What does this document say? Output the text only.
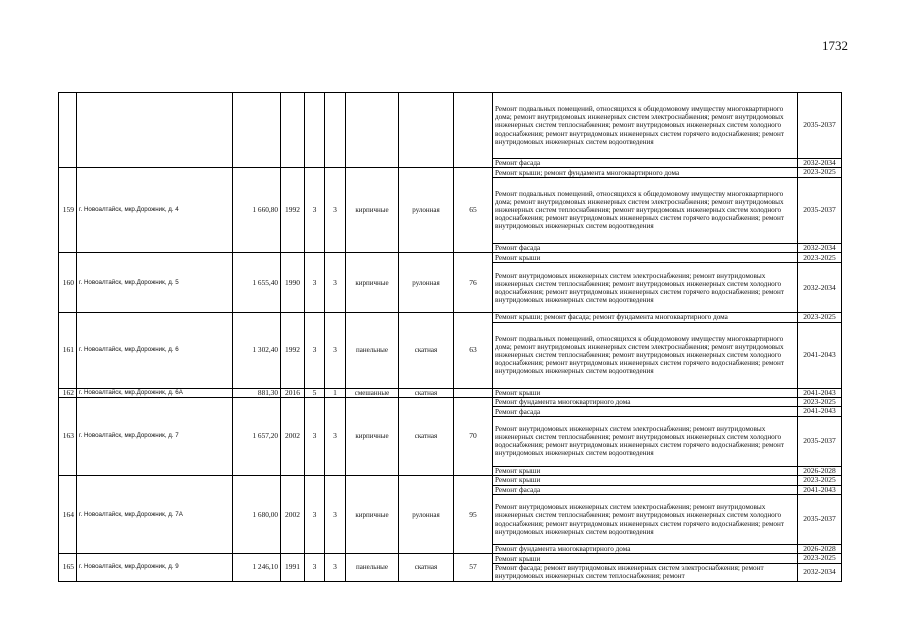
1732
									Ремонт подвальных помещений, относящихся к общедомовому имуществу многоквартирного дома; ремонт внутридомовых инженерных систем электроснабжения; ремонт внутридомовых инженерных систем теплоснабжения; ремонт внутридомовых инженерных систем холодного водоснабжения; ремонт внутридомовых инженерных систем горячего водоснабжения; ремонт внутридомовых инженерных систем водоотведения	2035-2037
									Ремонт фасада	2032-2034
159	г. Новоалтайск, мкр.Дорожник, д. 4	1 660,80	1992	3	3	кирпичные	рулонная	65	Ремонт крыши; ремонт фундамента многоквартирного дома	2023-2025
									Ремонт подвальных помещений, относящихся к общедомовому имуществу многоквартирного дома; ремонт внутридомовых инженерных систем электроснабжения; ремонт внутридомовых инженерных систем теплоснабжения; ремонт внутридомовых инженерных систем холодного водоснабжения; ремонт внутридомовых инженерных систем горячего водоснабжения; ремонт внутридомовых инженерных систем водоотведения	2035-2037
									Ремонт фасада	2032-2034
160	г. Новоалтайск, мкр.Дорожник, д. 5	1 655,40	1990	3	3	кирпичные	рулонная	76	Ремонт крыши	2023-2025
									Ремонт внутридомовых инженерных систем электроснабжения; ремонт внутридомовых инженерных систем теплоснабжения; ремонт внутридомовых инженерных систем холодного водоснабжения; ремонт внутридомовых инженерных систем горячего водоснабжения; ремонт внутридомовых инженерных систем водоотведения	2032-2034
161	г. Новоалтайск, мкр.Дорожник, д. 6	1 302,40	1992	3	3	панельные	скатная	63	Ремонт крыши; ремонт фасада; ремонт фундамента многоквартирного дома	2023-2025
									Ремонт подвальных помещений, относящихся к общедомовому имуществу многоквартирного дома; ремонт внутридомовых инженерных систем электроснабжения; ремонт внутридомовых инженерных систем теплоснабжения; ремонт внутридомовых инженерных систем холодного водоснабжения; ремонт внутридомовых инженерных систем горячего водоснабжения; ремонт внутридомовых инженерных систем водоотведения	2041-2043
162	г. Новоалтайск, мкр.Дорожник, д. 6А	881,30	2016	5	1	смешанные	скатная		Ремонт крыши	2041-2043
163	г. Новоалтайск, мкр.Дорожник, д. 7	1 657,20	2002	3	3	кирпичные	скатная	70	Ремонт фундамента многоквартирного дома	2023-2025
									Ремонт фасада	2041-2043
									Ремонт внутридомовых инженерных систем электроснабжения; ремонт внутридомовых инженерных систем теплоснабжения; ремонт внутридомовых инженерных систем холодного водоснабжения; ремонт внутридомовых инженерных систем горячего водоснабжения; ремонт внутридомовых инженерных систем водоотведения	2035-2037
									Ремонт крыши	2026-2028
164	г. Новоалтайск, мкр.Дорожник, д. 7А	1 680,00	2002	3	3	кирпичные	рулонная	95	Ремонт крыши	2023-2025
									Ремонт фасада	2041-2043
									Ремонт внутридомовых инженерных систем электроснабжения; ремонт внутридомовых инженерных систем теплоснабжения; ремонт внутридомовых инженерных систем холодного водоснабжения; ремонт внутридомовых инженерных систем горячего водоснабжения; ремонт внутридомовых инженерных систем водоотведения	2035-2037
									Ремонт фундамента многоквартирного дома	2026-2028
165	г. Новоалтайск, мкр.Дорожник, д. 9	1 246,10	1991	3	3	панельные	скатная	57	Ремонт крыши	2023-2025
									Ремонт фасада; ремонт внутридомовых инженерных систем электроснабжения; ремонт внутридомовых инженерных систем теплоснабжения; ремонт	2032-2034
